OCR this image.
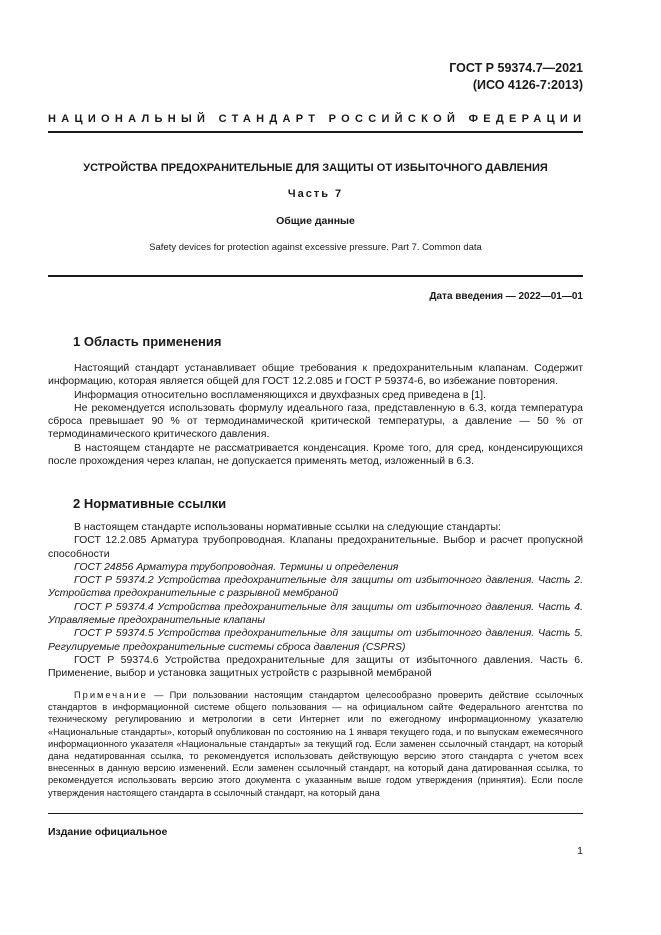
ГОСТ Р 59374.7—2021
(ИСО 4126-7:2013)
НАЦИОНАЛЬНЫЙ СТАНДАРТ РОССИЙСКОЙ ФЕДЕРАЦИИ
УСТРОЙСТВА ПРЕДОХРАНИТЕЛЬНЫЕ ДЛЯ ЗАЩИТЫ ОТ ИЗБЫТОЧНОГО ДАВЛЕНИЯ
Часть 7
Общие данные
Safety devices for protection against excessive pressure. Part 7. Common data
Дата введения — 2022—01—01
1 Область применения

Настоящий стандарт устанавливает общие требования к предохранительным клапанам. Содержит информацию, которая является общей для ГОСТ 12.2.085 и ГОСТ Р 59374-6, во избежание повторения.

Информация относительно воспламеняющихся и двухфазных сред приведена в [1].

Не рекомендуется использовать формулу идеального газа, представленную в 6.3, когда температура сброса превышает 90 % от термодинамической критической температуры, а давление — 50 % от термодинамического критического давления.

В настоящем стандарте не рассматривается конденсация. Кроме того, для сред, конденсирующихся после прохождения через клапан, не допускается применять метод, изложенный в 6.3.

2 Нормативные ссылки

В настоящем стандарте использованы нормативные ссылки на следующие стандарты:

ГОСТ 12.2.085 Арматура трубопроводная. Клапаны предохранительные. Выбор и расчет пропускной способности

ГОСТ 24856 Арматура трубопроводная. Термины и определения

ГОСТ Р 59374.2 Устройства предохранительные для защиты от избыточного давления. Часть 2. Устройства предохранительные с разрывной мембраной

ГОСТ Р 59374.4 Устройства предохранительные для защиты от избыточного давления. Часть 4. Управляемые предохранительные клапаны

ГОСТ Р 59374.5 Устройства предохранительные для защиты от избыточного давления. Часть 5. Регулируемые предохранительные системы сброса давления (CSPRS)

ГОСТ Р 59374.6 Устройства предохранительные для защиты от избыточного давления. Часть 6. Применение, выбор и установка защитных устройств с разрывной мембраной

Примечание — При пользовании настоящим стандартом целесообразно проверить действие ссылочных стандартов в информационной системе общего пользования — на официальном сайте Федерального агентства по техническому регулированию и метрологии в сети Интернет или по ежегодному информационному указателю «Национальные стандарты», который опубликован по состоянию на 1 января текущего года, и по выпускам ежемесячного информационного указателя «Национальные стандарты» за текущий год. Если заменен ссылочный стандарт, на который дана недатированная ссылка, то рекомендуется использовать действующую версию этого стандарта с учетом всех внесенных в данную версию изменений. Если заменен ссылочный стандарт, на который дана датированная ссылка, то рекомендуется использовать версию этого документа с указанным выше годом утверждения (принятия). Если после утверждения настоящего стандарта в ссылочный стандарт, на который дана
Издание официальное
1
